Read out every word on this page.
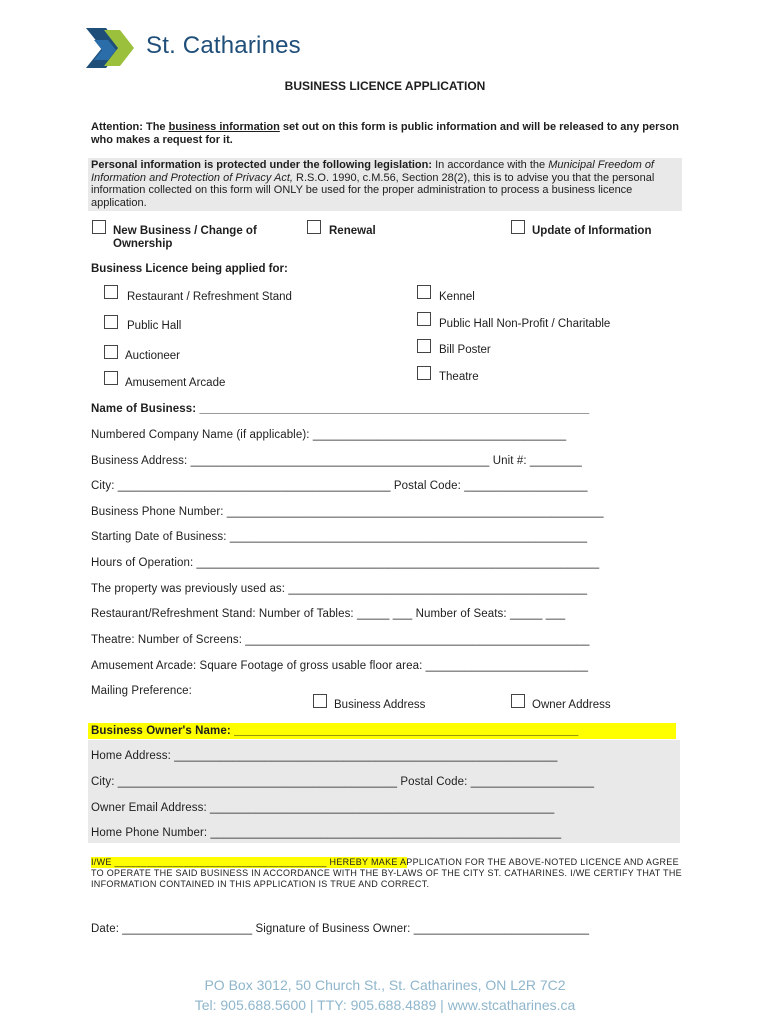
St. Catharines
BUSINESS LICENCE APPLICATION
Attention: The business information set out on this form is public information and will be released to any person who makes a request for it.
Personal information is protected under the following legislation: In accordance with the Municipal Freedom of Information and Protection of Privacy Act, R.S.O. 1990, c.M.56, Section 28(2), this is to advise you that the personal information collected on this form will ONLY be used for the proper administration to process a business licence application.
New Business / Change of Ownership
Renewal	Update of Information
Business Licence being applied for:
Restaurant / Refreshment Stand
Public Hall
Auctioneer
Amusement Arcade
Kennel
Public Hall Non-Profit / Charitable
Bill Poster
Theatre
Name of Business: ____________________________________________________________
Numbered Company Name (if applicable): _______________________________________
Business Address: ______________________________________________ Unit #: ________
City: __________________________________________ Postal Code: ___________________
Business Phone Number: __________________________________________________________
Starting Date of Business: _______________________________________________________
Hours of Operation: ______________________________________________________________
The property was previously used as: ______________________________________________
Restaurant/Refreshment Stand: Number of Tables: _____ ___ Number of Seats: _____ ___
Theatre: Number of Screens: _____________________________________________________
Amusement Arcade: Square Footage of gross usable floor area: _________________________
Mailing Preference:
Business Address	Owner Address
Business Owner's Name: _____________________________________________________
Home Address: ___________________________________________________________
City: ___________________________________________ Postal Code: ___________________
Owner Email Address: _____________________________________________________
Home Phone Number: ______________________________________________________
I/WE ________________________________________ HEREBY MAKE APPLICATION FOR THE ABOVE-NOTED LICENCE AND AGREE TO OPERATE THE SAID BUSINESS IN ACCORDANCE WITH THE BY-LAWS OF THE CITY ST. CATHARINES. I/WE CERTIFY THAT THE INFORMATION CONTAINED IN THIS APPLICATION IS TRUE AND CORRECT.
Date: ____________________ Signature of Business Owner: ___________________________
PO Box 3012, 50 Church St., St. Catharines, ON L2R 7C2
Tel: 905.688.5600 | TTY: 905.688.4889 | www.stcatharines.ca
